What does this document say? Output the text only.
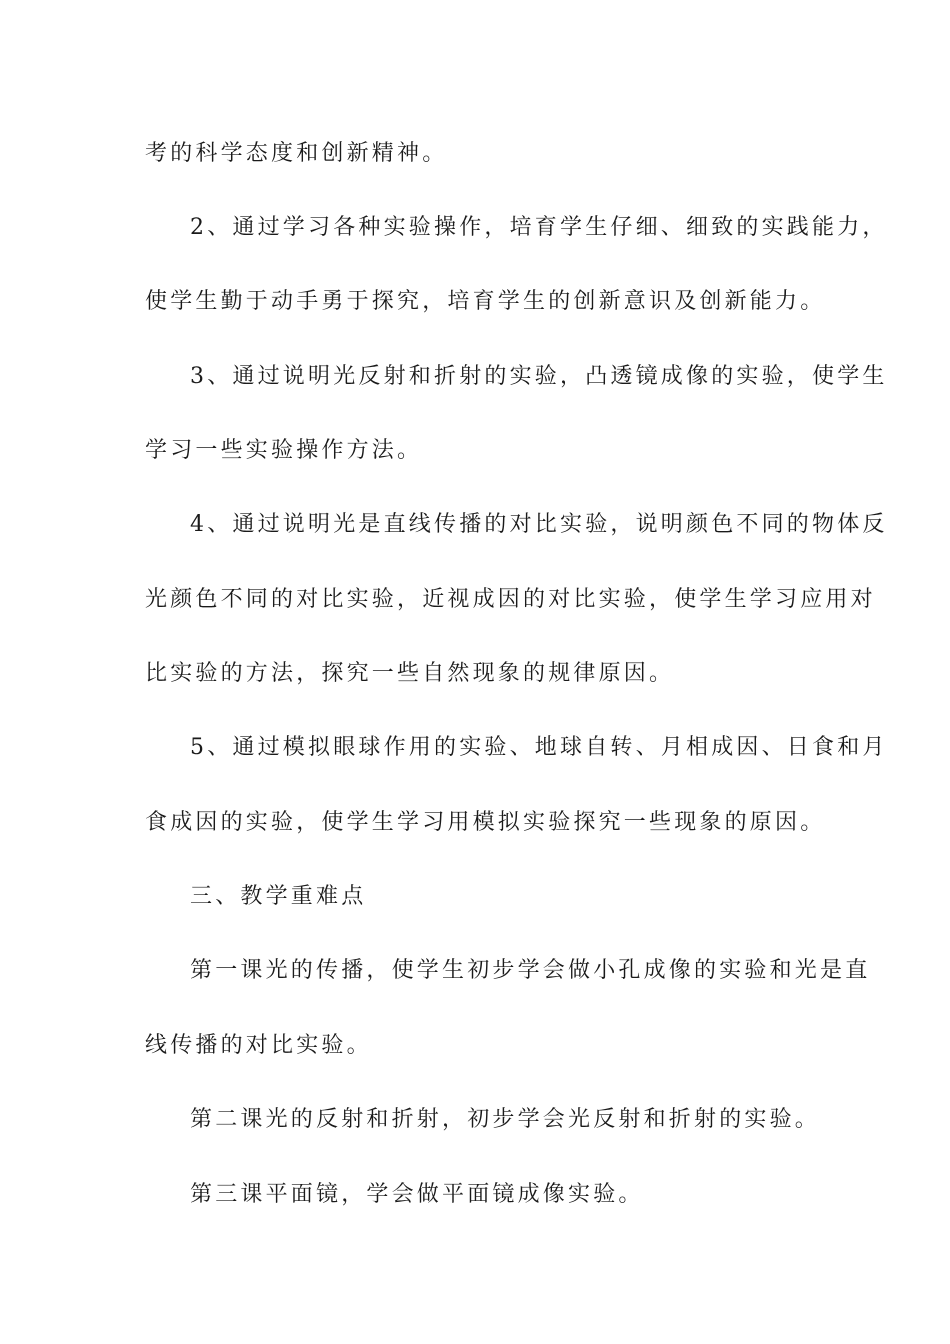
考的科学态度和创新精神。
2、通过学习各种实验操作，培育学生仔细、细致的实践能力，
使学生勤于动手勇于探究，培育学生的创新意识及创新能力。
3、通过说明光反射和折射的实验，凸透镜成像的实验，使学生
学习一些实验操作方法。
4、通过说明光是直线传播的对比实验，说明颜色不同的物体反
光颜色不同的对比实验，近视成因的对比实验，使学生学习应用对
比实验的方法，探究一些自然现象的规律原因。
5、通过模拟眼球作用的实验、地球自转、月相成因、日食和月
食成因的实验，使学生学习用模拟实验探究一些现象的原因。
三、教学重难点
第一课光的传播，使学生初步学会做小孔成像的实验和光是直
线传播的对比实验。
第二课光的反射和折射，初步学会光反射和折射的实验。
第三课平面镜，学会做平面镜成像实验。
